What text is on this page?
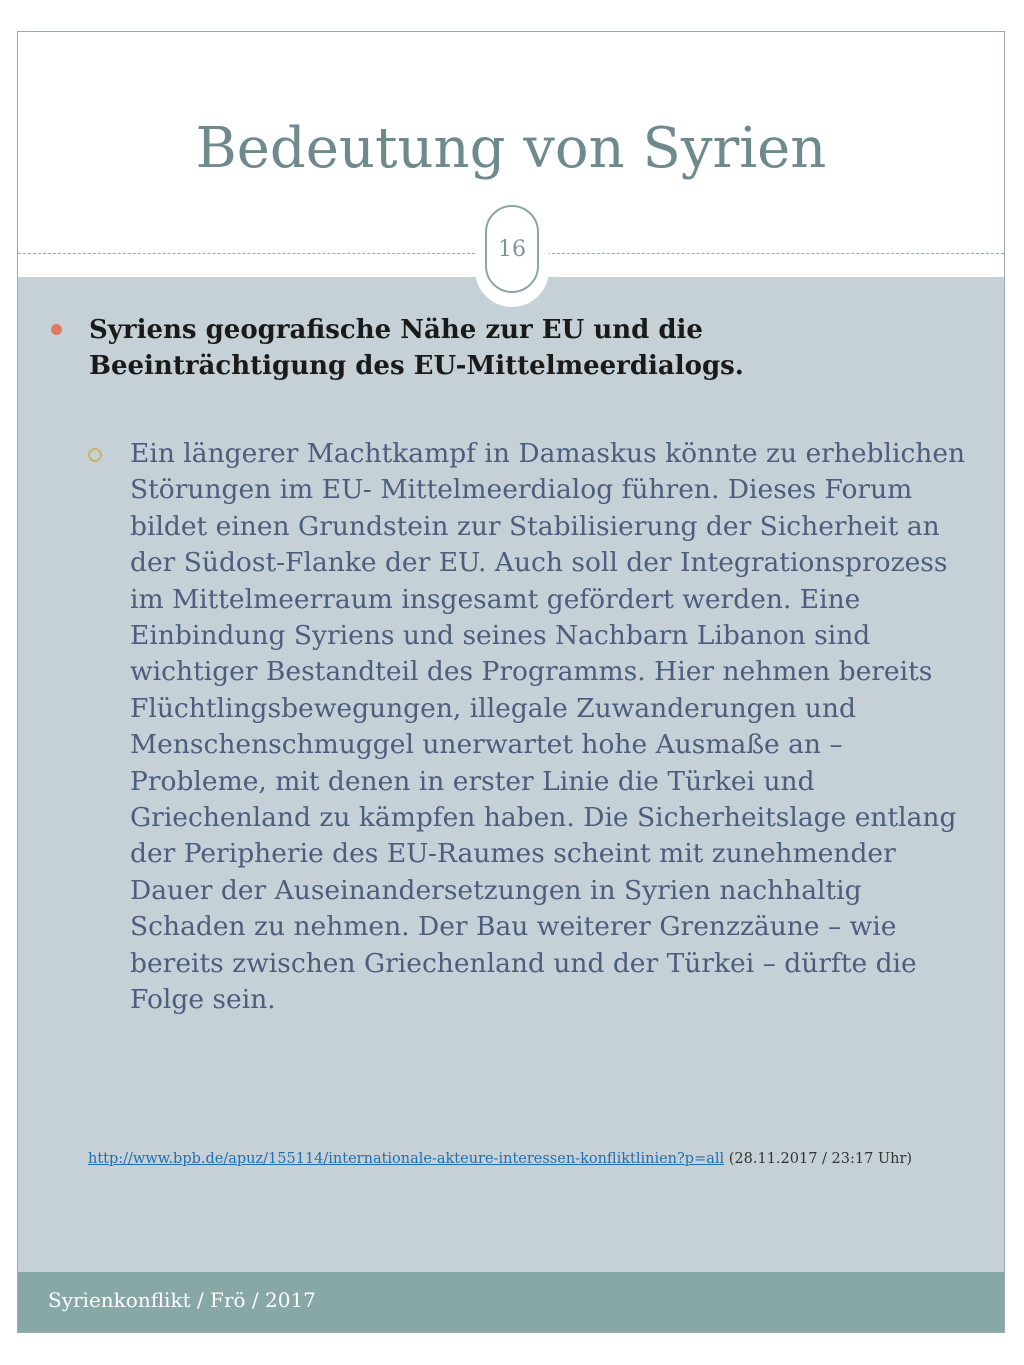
Bedeutung von Syrien
16
Syriens geografische Nähe zur EU und die Beeinträchtigung des EU-Mittelmeerdialogs.
Ein längerer Machtkampf in Damaskus könnte zu erheblichen Störungen im EU- Mittelmeerdialog führen. Dieses Forum bildet einen Grundstein zur Stabilisierung der Sicherheit an der Südost-Flanke der EU. Auch soll der Integrationsprozess im Mittelmeerraum insgesamt gefördert werden. Eine Einbindung Syriens und seines Nachbarn Libanon sind wichtiger Bestandteil des Programms. Hier nehmen bereits Flüchtlingsbewegungen, illegale Zuwanderungen und Menschenschmuggel unerwartet hohe Ausmaße an – Probleme, mit denen in erster Linie die Türkei und Griechenland zu kämpfen haben. Die Sicherheitslage entlang der Peripherie des EU-Raumes scheint mit zunehmender Dauer der Auseinandersetzungen in Syrien nachhaltig Schaden zu nehmen. Der Bau weiterer Grenzzäune – wie bereits zwischen Griechenland und der Türkei – dürfte die Folge sein.
http://www.bpb.de/apuz/155114/internationale-akteure-interessen-konfliktlinien?p=all (28.11.2017 / 23:17 Uhr)
Syrienkonflikt / Frö / 2017
